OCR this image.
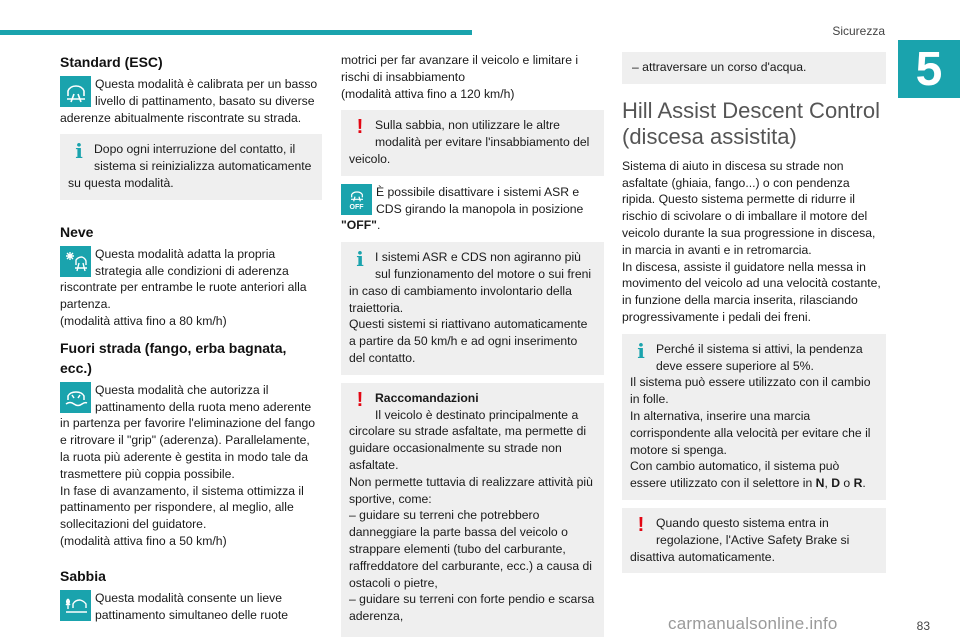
Sicurezza
5
83
carmanualsonline.info
Standard (ESC)

Questa modalità è calibrata per un basso livello di pattinamento, basato su diverse aderenze abitualmente riscontrate su strada.

i Dopo ogni interruzione del contatto, il sistema si reinizializza automaticamente su questa modalità.

Neve

Questa modalità adatta la propria strategia alle condizioni di aderenza riscontrate per entrambe le ruote anteriori alla partenza.

(modalità attiva fino a 80 km/h)

Fuori strada (fango, erba bagnata, ecc.)

Questa modalità che autorizza il pattinamento della ruota meno aderente in partenza per favorire l'eliminazione del fango e ritrovare il "grip" (aderenza). Parallelamente, la ruota più aderente è gestita in modo tale da trasmettere più coppia possibile.

In fase di avanzamento, il sistema ottimizza il pattinamento per rispondere, al meglio, alle sollecitazioni del guidatore.

(modalità attiva fino a 50 km/h)

Sabbia

Questa modalità consente un lieve pattinamento simultaneo delle ruote

motrici per far avanzare il veicolo e limitare i rischi di insabbiamento

(modalità attiva fino a 120 km/h)

! Sulla sabbia, non utilizzare le altre modalità per evitare l'insabbiamento del veicolo.

OFF

È possibile disattivare i sistemi ASR e CDS girando la manopola in posizione "OFF".

i I sistemi ASR e CDS non agiranno più sul funzionamento del motore o sui freni in caso di cambiamento involontario della traiettoria.

Questi sistemi si riattivano automaticamente a partire da 50 km/h e ad ogni inserimento del contatto.

! Raccomandazioni

Il veicolo è destinato principalmente a circolare su strade asfaltate, ma permette di guidare occasionalmente su strade non asfaltate.

Non permette tuttavia di realizzare attività più sportive, come:

– guidare su terreni che potrebbero danneggiare la parte bassa del veicolo o strappare elementi (tubo del carburante, raffreddatore del carburante, ecc.) a causa di ostacoli o pietre,

– guidare su terreni con forte pendio e scarsa aderenza,

– attraversare un corso d'acqua.

Hill Assist Descent Control (discesa assistita)

Sistema di aiuto in discesa su strade non asfaltate (ghiaia, fango...) o con pendenza ripida. Questo sistema permette di ridurre il rischio di scivolare o di imballare il motore del veicolo durante la sua progressione in discesa, in marcia in avanti e in retromarcia.

In discesa, assiste il guidatore nella messa in movimento del veicolo ad una velocità costante, in funzione della marcia inserita, rilasciando progressivamente i pedali dei freni.

i Perché il sistema si attivi, la pendenza deve essere superiore al 5%.

Il sistema può essere utilizzato con il cambio in folle.

In alternativa, inserire una marcia corrispondente alla velocità per evitare che il motore si spenga.

Con cambio automatico, il sistema può essere utilizzato con il selettore in N, D o R.

! Quando questo sistema entra in regolazione, l'Active Safety Brake si disattiva automaticamente.
